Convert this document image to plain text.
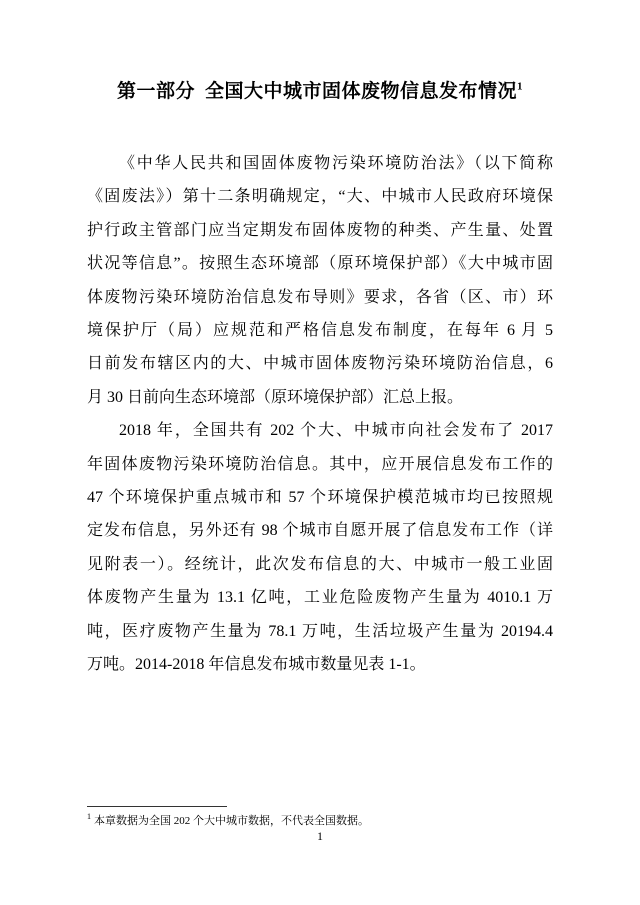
第一部分 全国大中城市固体废物信息发布情况$^1$
《中华人民共和国固体废物污染环境防治法》（以下简称
《固废法》）第十二条明确规定，“大、中城市人民政府环境保
护行政主管部门应当定期发布固体废物的种类、产生量、处置
状况等信息”。按照生态环境部（原环境保护部）《大中城市固
体废物污染环境防治信息发布导则》要求，各省（区、市）环
境保护厅（局）应规范和严格信息发布制度，在每年 6 月 5
日前发布辖区内的大、中城市固体废物污染环境防治信息，6
月 30 日前向生态环境部（原环境保护部）汇总上报。
2018 年，全国共有 202 个大、中城市向社会发布了 2017
年固体废物污染环境防治信息。其中，应开展信息发布工作的
47 个环境保护重点城市和 57 个环境保护模范城市均已按照规
定发布信息，另外还有 98 个城市自愿开展了信息发布工作（详
见附表一）。经统计，此次发布信息的大、中城市一般工业固
体废物产生量为 13.1 亿吨，工业危险废物产生量为 4010.1 万
吨，医疗废物产生量为 78.1 万吨，生活垃圾产生量为 20194.4
万吨。2014-2018 年信息发布城市数量见表 1-1。
$^1$ 本章数据为全国 202 个大中城市数据，不代表全国数据。
1
